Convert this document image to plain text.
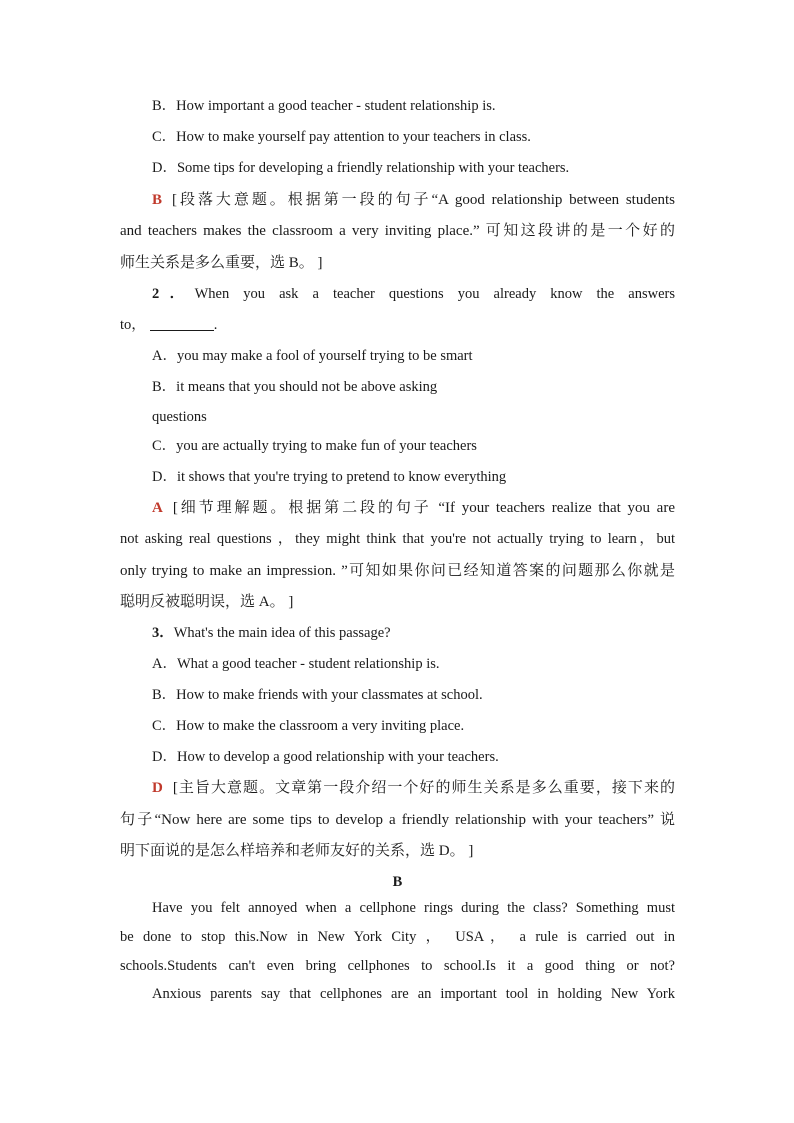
B．How important a good teacher - student relationship is.
C．How to make yourself pay attention to your teachers in class.
D．Some tips for developing a friendly relationship with your teachers.
B [段落大意题。根据第一段的句子“A good relationship between students
and teachers makes the classroom a very inviting place.” 可知这段讲的是一个好的
师生关系是多么重要，选 B。 ]
2．When you ask a teacher questions you already know the answers
to，	.
A．you may make a fool of yourself trying to be smart
B．it means that you should not be above asking
questions
C．you are actually trying to make fun of your teachers
D．it shows that you're trying to pretend to know everything
A [细节理解题。根据第二段的句子 “If your teachers realize that you are
not asking real questions ，they might think that you're not actually trying to learn，but
only trying to make an impression. ”可知如果你问已经知道答案的问题那么你就是
聪明反被聪明误，选 A。 ]
3．What's the main idea of this passage?
A．What a good teacher - student relationship is.
B．How to make friends with your classmates at school.
C．How to make the classroom a very inviting place.
D．How to develop a good relationship with your teachers.
D [主旨大意题。文章第一段介绍一个好的师生关系是多么重要，接下来的
句子“Now here are some tips to develop a friendly relationship with your teachers” 说
明下面说的是怎么样培养和老师友好的关系，选 D。 ]
B
Have you felt annoyed when a cellphone rings during the class? Something must
be done to stop this.Now in New York City ， USA， a rule is carried out in
schools.Students can't even bring cellphones to school.Is it a good thing or not?
Anxious parents say that cellphones are an important tool in holding New York
